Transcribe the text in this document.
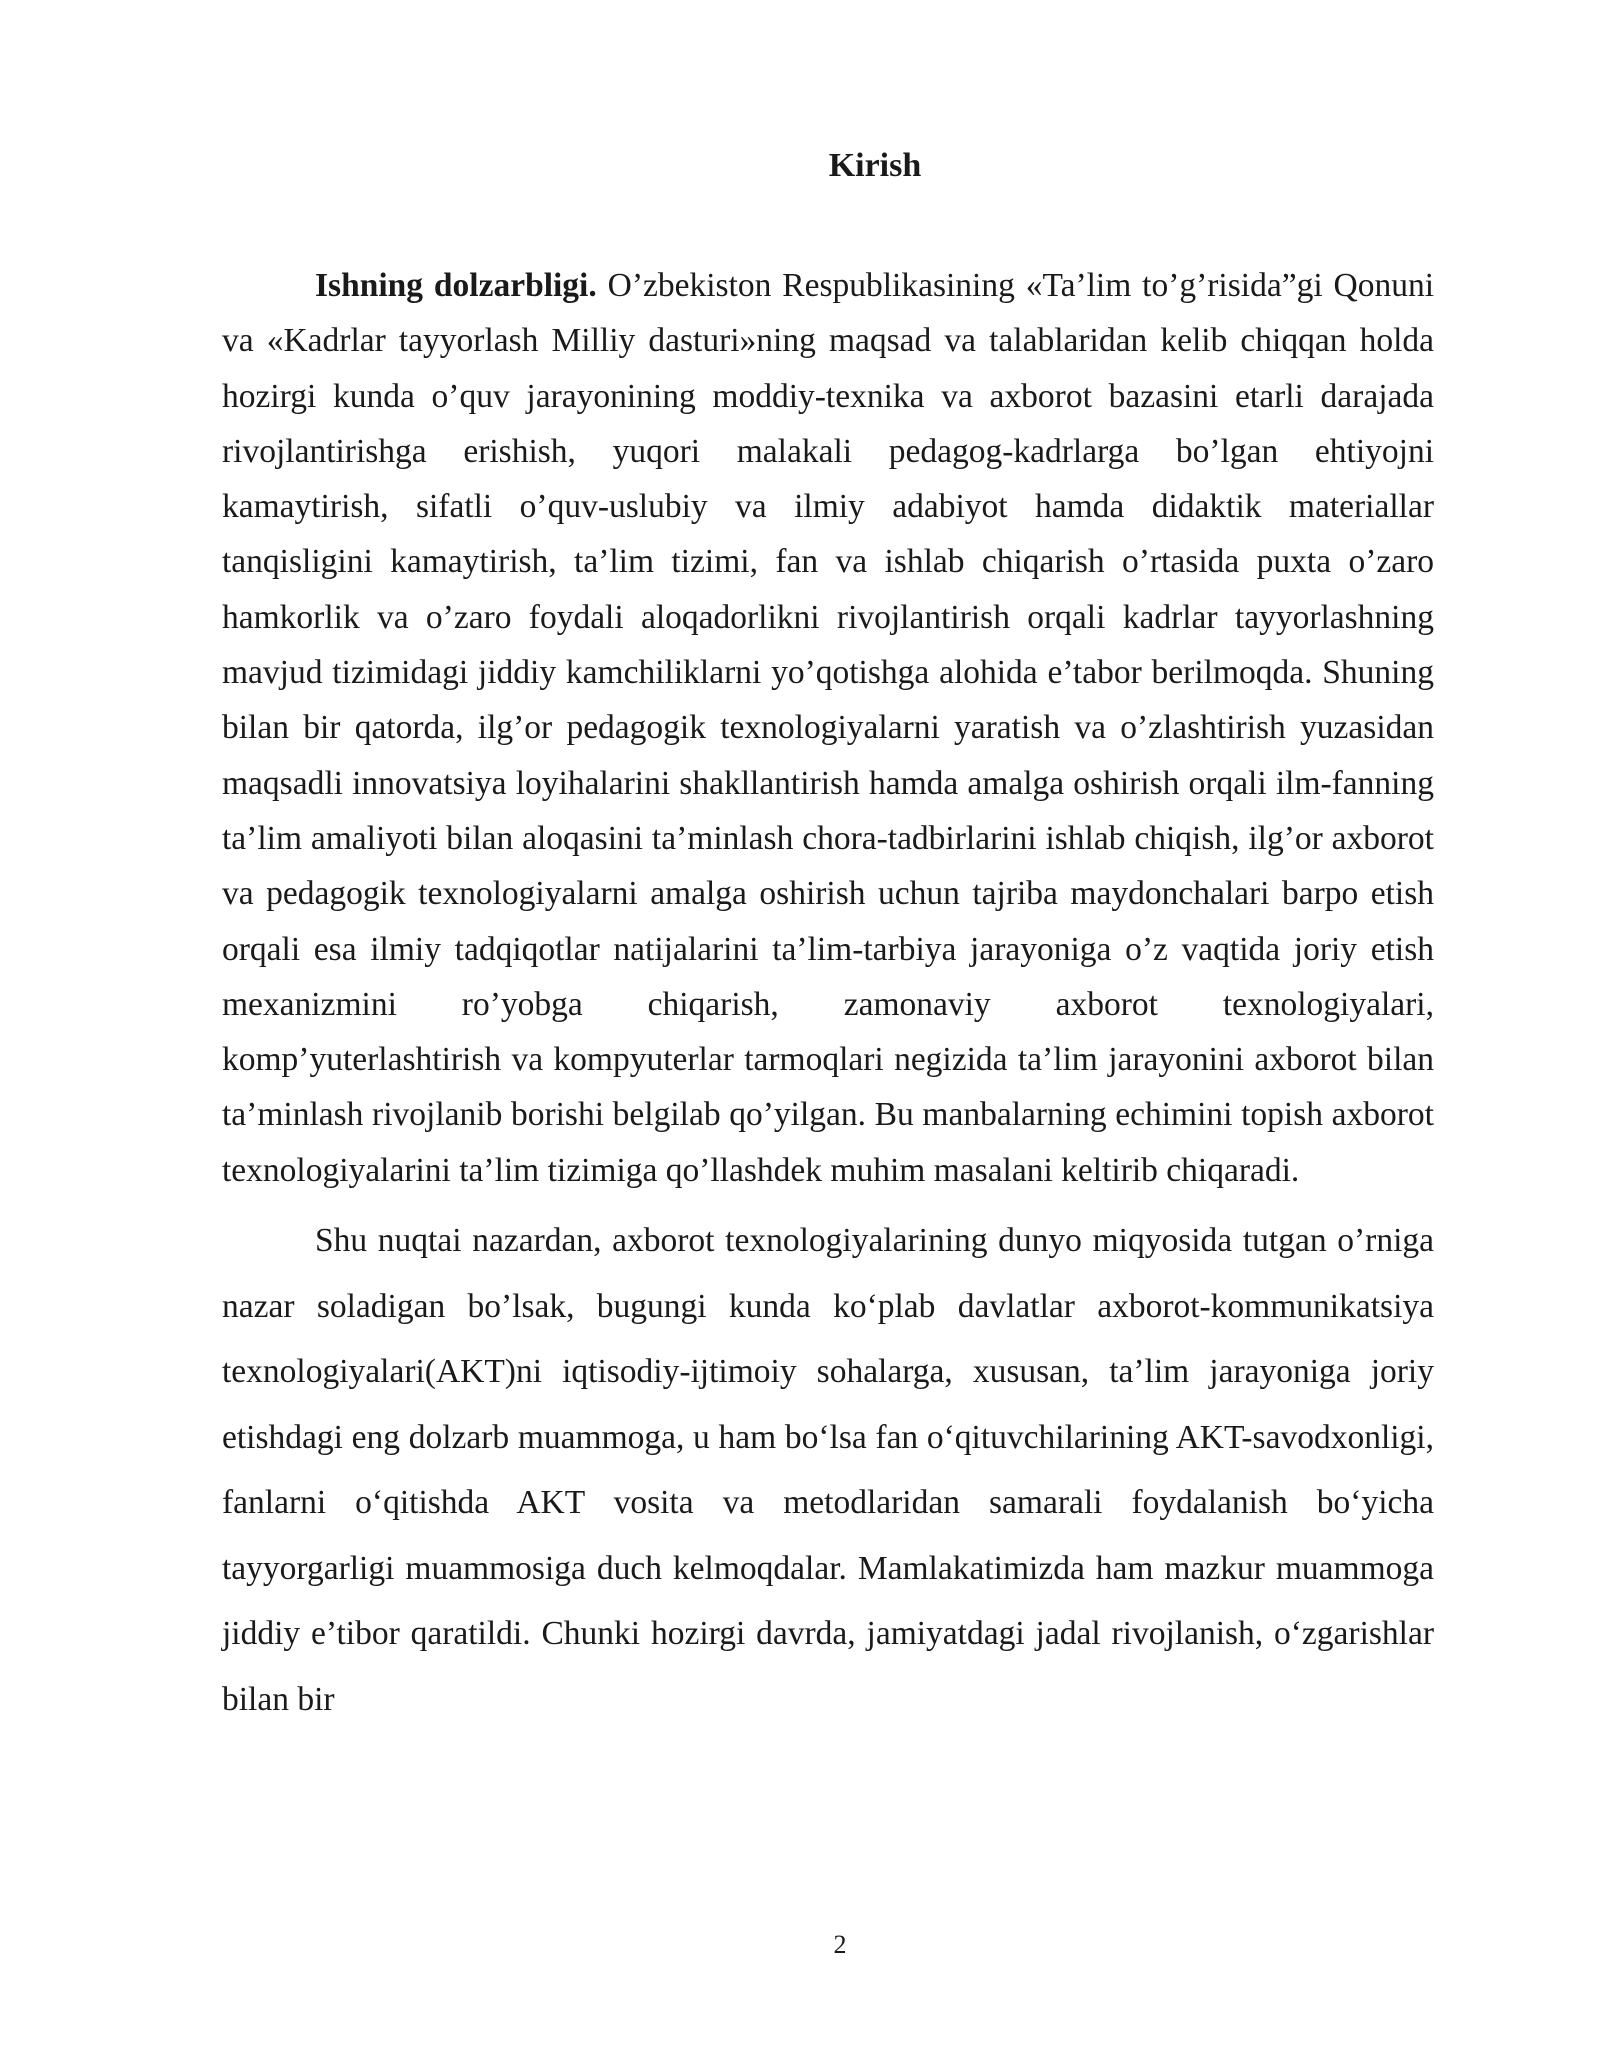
Kirish

Ishning dolzarbligi. O’zbekiston Respublikasining «Ta’lim to’g’risida”gi Qonuni va «Kadrlar tayyorlash Milliy dasturi»ning maqsad va talablaridan kelib chiqqan holda hozirgi kunda o’quv jarayonining moddiy-texnika va axborot bazasini etarli darajada rivojlantirishga erishish, yuqori malakali pedagog-kadrlarga bo’lgan ehtiyojni kamaytirish, sifatli o’quv-uslubiy va ilmiy adabiyot hamda didaktik materiallar tanqisligini kamaytirish, ta’lim tizimi, fan va ishlab chiqarish o’rtasida puxta o’zaro hamkorlik va o’zaro foydali aloqadorlikni rivojlantirish orqali kadrlar tayyorlashning mavjud tizimidagi jiddiy kamchiliklarni yo’qotishga alohida e’tabor berilmoqda. Shuning bilan bir qatorda, ilg’or pedagogik texnologiyalarni yaratish va o’zlashtirish yuzasidan maqsadli innovatsiya loyihalarini shakllantirish hamda amalga oshirish orqali ilm-fanning ta’lim amaliyoti bilan aloqasini ta’minlash chora-tadbirlarini ishlab chiqish, ilg’or axborot va pedagogik texnologiyalarni amalga oshirish uchun tajriba maydonchalari barpo etish orqali esa ilmiy tadqiqotlar natijalarini ta’lim-tarbiya jarayoniga o’z vaqtida joriy etish mexanizmini ro’yobga chiqarish, zamonaviy axborot texnologiyalari, komp’yuterlashtirish va kompyuterlar tarmoqlari negizida ta’lim jarayonini axborot bilan ta’minlash rivojlanib borishi belgilab qo’yilgan. Bu manbalarning echimini topish axborot texnologiyalarini ta’lim tizimiga qo’llashdek muhim masalani keltirib chiqaradi.

Shu nuqtai nazardan, axborot texnologiyalarining dunyo miqyosida tutgan o’rniga nazar soladigan bo’lsak, bugungi kunda ko‘plab davlatlar axborot-kommunikatsiya texnologiyalari(AKT)ni iqtisodiy-ijtimoiy sohalarga, xususan, ta’lim jarayoniga joriy etishdagi eng dolzarb muammoga, u ham bo‘lsa fan o‘qituvchilarining AKT-savodxonligi, fanlarni o‘qitishda AKT vosita va metodlaridan samarali foydalanish bo‘yicha tayyorgarligi muammosiga duch kelmoqdalar. Mamlakatimizda ham mazkur muammoga jiddiy e’tibor qaratildi. Chunki hozirgi davrda, jamiyatdagi jadal rivojlanish, o‘zgarishlar bilan bir

2
